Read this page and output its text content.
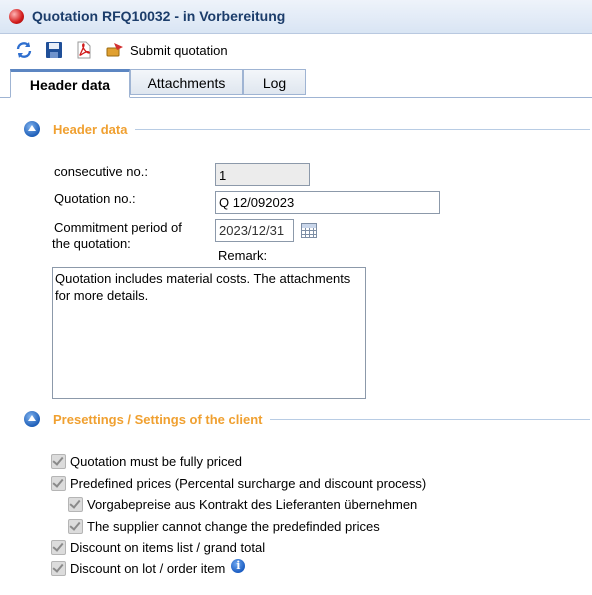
Quotation RFQ10032 - in Vorbereitung
Submit quotation
Header data	Attachments	Log
Header data
consecutive no.:	1
Quotation no.:	Q 12/092023
Commitment period of
the quotation:
2023/12/31
Remark:
Quotation includes material costs. The attachments
for more details.
Presettings / Settings of the client
Quotation must be fully priced
Predefined prices (Percental surcharge and discount process)
Vorgabepreise aus Kontrakt des Lieferanten übernehmen
The supplier cannot change the predefinded prices
Discount on items list / grand total
Discount on lot / order item i
